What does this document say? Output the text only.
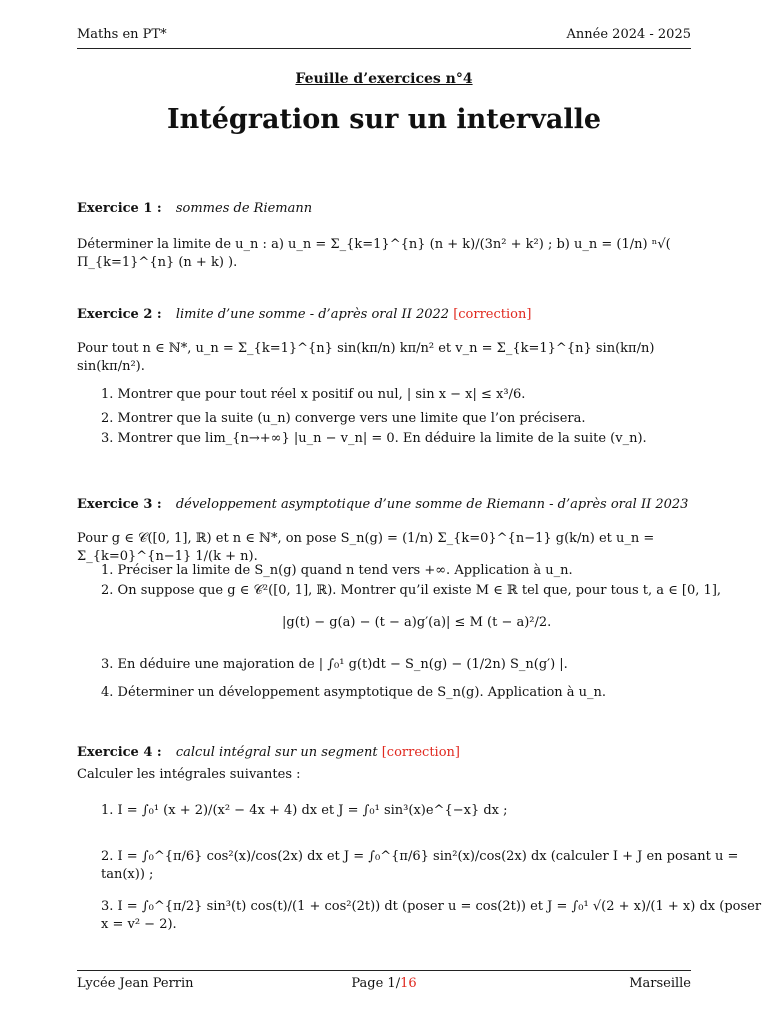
Maths en PT*	Année 2024 - 2025
Feuille d’exercices n°4
Intégration sur un intervalle
Exercice 1 : sommes de Riemann
Déterminer la limite de u_n : a) u_n = Σ_{k=1}^{n} (n + k)/(3n² + k²) ; b) u_n = (1/n) ⁿ√( Π_{k=1}^{n} (n + k) ).
Exercice 2 : limite d’une somme - d’après oral II 2022 [correction]
Pour tout n ∈ ℕ*, u_n = Σ_{k=1}^{n} sin(kπ/n) kπ/n² et v_n = Σ_{k=1}^{n} sin(kπ/n) sin(kπ/n²).
1. Montrer que pour tout réel x positif ou nul, | sin x − x| ≤ x³/6.
2. Montrer que la suite (u_n) converge vers une limite que l’on précisera.
3. Montrer que lim_{n→+∞} |u_n − v_n| = 0. En déduire la limite de la suite (v_n).
Exercice 3 : développement asymptotique d’une somme de Riemann - d’après oral II 2023
Pour g ∈ 𝒞([0, 1], ℝ) et n ∈ ℕ*, on pose S_n(g) = (1/n) Σ_{k=0}^{n−1} g(k/n) et u_n = Σ_{k=0}^{n−1} 1/(k + n).
1. Préciser la limite de S_n(g) quand n tend vers +∞. Application à u_n.
2. On suppose que g ∈ 𝒞²([0, 1], ℝ). Montrer qu’il existe M ∈ ℝ tel que, pour tous t, a ∈ [0, 1],
|g(t) − g(a) − (t − a)g′(a)| ≤ M (t − a)²/2.
3. En déduire une majoration de | ∫₀¹ g(t)dt − S_n(g) − (1/2n) S_n(g′) |.
4. Déterminer un développement asymptotique de S_n(g). Application à u_n.
Exercice 4 : calcul intégral sur un segment [correction]
Calculer les intégrales suivantes :
1. I = ∫₀¹ (x + 2)/(x² − 4x + 4) dx et J = ∫₀¹ sin³(x)e^{−x} dx ;
2. I = ∫₀^{π/6} cos²(x)/cos(2x) dx et J = ∫₀^{π/6} sin²(x)/cos(2x) dx (calculer I + J en posant u = tan(x)) ;
3. I = ∫₀^{π/2} sin³(t) cos(t)/(1 + cos²(2t)) dt (poser u = cos(2t)) et J = ∫₀¹ √(2 + x)/(1 + x) dx (poser x = v² − 2).
Lycée Jean Perrin	Page 1/16	Marseille
